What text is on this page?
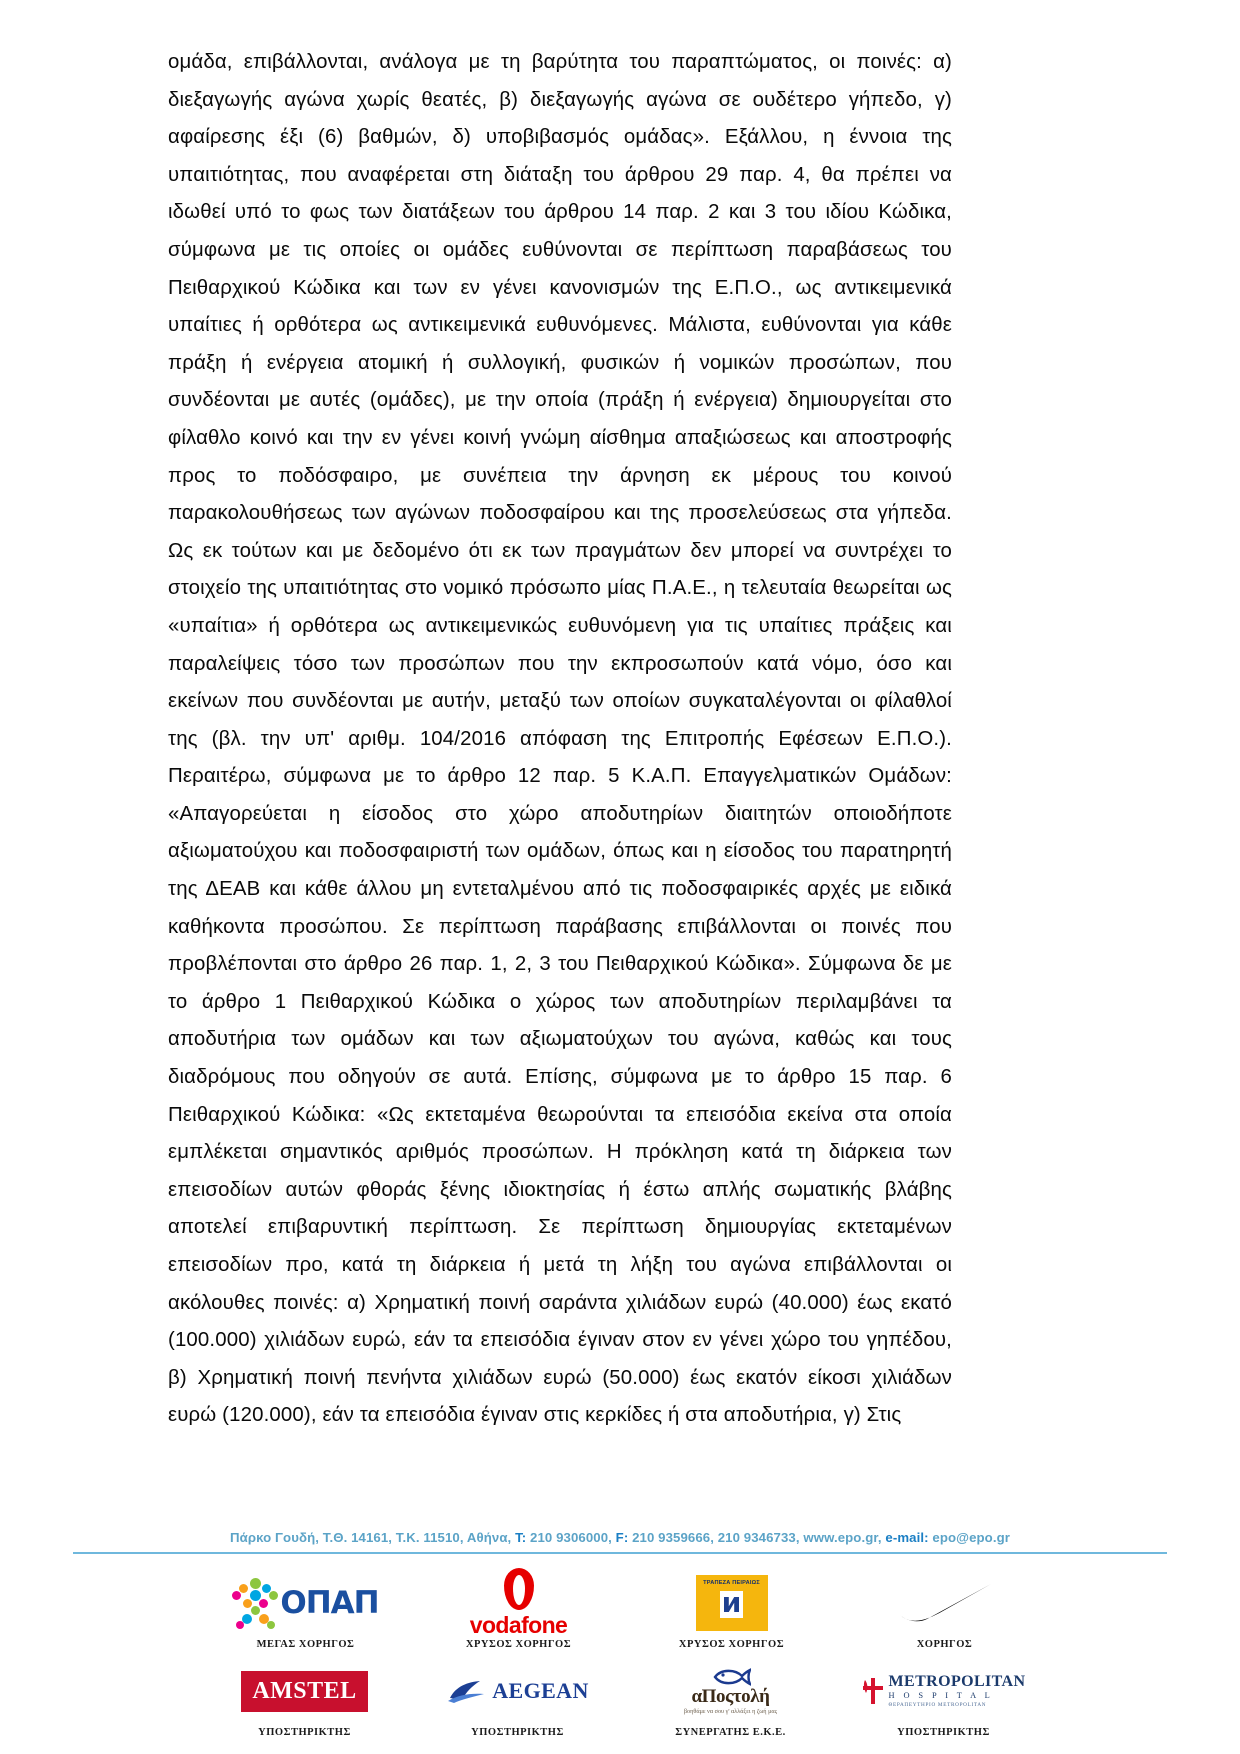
ομάδα, επιβάλλονται, ανάλογα με τη βαρύτητα του παραπτώματος, οι ποινές: α) διεξαγωγής αγώνα χωρίς θεατές, β) διεξαγωγής αγώνα σε ουδέτερο γήπεδο, γ) αφαίρεσης έξι (6) βαθμών, δ) υποβιβασμός ομάδας». Εξάλλου, η έννοια της υπαιτιότητας, που αναφέρεται στη διάταξη του άρθρου 29 παρ. 4, θα πρέπει να ιδωθεί υπό το φως των διατάξεων του άρθρου 14 παρ. 2 και 3 του ιδίου Κώδικα, σύμφωνα με τις οποίες οι ομάδες ευθύνονται σε περίπτωση παραβάσεως του Πειθαρχικού Κώδικα και των εν γένει κανονισμών της Ε.Π.Ο., ως αντικειμενικά υπαίτιες ή ορθότερα ως αντικειμενικά ευθυνόμενες. Μάλιστα, ευθύνονται για κάθε πράξη ή ενέργεια ατομική ή συλλογική, φυσικών ή νομικών προσώπων, που συνδέονται με αυτές (ομάδες), με την οποία (πράξη ή ενέργεια) δημιουργείται στο φίλαθλο κοινό και την εν γένει κοινή γνώμη αίσθημα απαξιώσεως και αποστροφής προς το ποδόσφαιρο, με συνέπεια την άρνηση εκ μέρους του κοινού παρακολουθήσεως των αγώνων ποδοσφαίρου και της προσελεύσεως στα γήπεδα. Ως εκ τούτων και με δεδομένο ότι εκ των πραγμάτων δεν μπορεί να συντρέχει το στοιχείο της υπαιτιότητας στο νομικό πρόσωπο μίας Π.Α.Ε., η τελευταία θεωρείται ως «υπαίτια» ή ορθότερα ως αντικειμενικώς ευθυνόμενη για τις υπαίτιες πράξεις και παραλείψεις τόσο των προσώπων που την εκπροσωπούν κατά νόμο, όσο και εκείνων που συνδέονται με αυτήν, μεταξύ των οποίων συγκαταλέγονται οι φίλαθλοί της (βλ. την υπ' αριθμ. 104/2016 απόφαση της Επιτροπής Εφέσεων Ε.Π.Ο.). Περαιτέρω, σύμφωνα με το άρθρο 12 παρ. 5 Κ.Α.Π. Επαγγελματικών Ομάδων: «Απαγορεύεται η είσοδος στο χώρο αποδυτηρίων διαιτητών οποιοδήποτε αξιωματούχου και ποδοσφαιριστή των ομάδων, όπως και η είσοδος του παρατηρητή της ΔΕΑΒ και κάθε άλλου μη εντεταλμένου από τις ποδοσφαιρικές αρχές με ειδικά καθήκοντα προσώπου. Σε περίπτωση παράβασης επιβάλλονται οι ποινές που προβλέπονται στο άρθρο 26 παρ. 1, 2, 3 του Πειθαρχικού Κώδικα». Σύμφωνα δε με το άρθρο 1 Πειθαρχικού Κώδικα ο χώρος των αποδυτηρίων περιλαμβάνει τα αποδυτήρια των ομάδων και των αξιωματούχων του αγώνα, καθώς και τους διαδρόμους που οδηγούν σε αυτά. Επίσης, σύμφωνα με το άρθρο 15 παρ. 6 Πειθαρχικού Κώδικα: «Ως εκτεταμένα θεωρούνται τα επεισόδια εκείνα στα οποία εμπλέκεται σημαντικός αριθμός προσώπων. Η πρόκληση κατά τη διάρκεια των επεισοδίων αυτών φθοράς ξένης ιδιοκτησίας ή έστω απλής σωματικής βλάβης αποτελεί επιβαρυντική περίπτωση. Σε περίπτωση δημιουργίας εκτεταμένων επεισοδίων προ, κατά τη διάρκεια ή μετά τη λήξη του αγώνα επιβάλλονται οι ακόλουθες ποινές: α) Χρηματική ποινή σαράντα χιλιάδων ευρώ (40.000) έως εκατό (100.000) χιλιάδων ευρώ, εάν τα επεισόδια έγιναν στον εν γένει χώρο του γηπέδου, β) Χρηματική ποινή πενήντα χιλιάδων ευρώ (50.000) έως εκατόν είκοσι χιλιάδων ευρώ (120.000), εάν τα επεισόδια έγιναν στις κερκίδες ή στα αποδυτήρια, γ) Στις

Πάρκο Γουδή, Τ.Θ. 14161, Τ.Κ. 11510, Αθήνα, T: 210 9306000, F: 210 9359666, 210 9346733, www.epo.gr, e-mail: epo@epo.gr
ΟΠΑΠ
ΜΕΓΑΣ ΧΟΡΗΓΟΣ
vodafone
ΧΡΥΣΟΣ ΧΟΡΗΓΟΣ
ΤΡΑΠΕΖΑ ΠΕΙΡΑΙΩΣ
ΧΡΥΣΟΣ ΧΟΡΗΓΟΣ	ΧΟΡΗΓΟΣ
AMSTEL
ΥΠΟΣΤΗΡΙΚΤΗΣ
AEGEAN
ΥΠΟΣΤΗΡΙΚΤΗΣ
αΠοςτολή
βοηθάμε να σου γ' αλλάξει η ζωή μας
ΣΥΝΕΡΓΑΤΗΣ Ε.Κ.Ε.
METROPOLITAN
H O S P I T A L
ΘΕΡΑΠΕΥΤΗΡΙΟ METROPOLITAN
ΥΠΟΣΤΗΡΙΚΤΗΣ
